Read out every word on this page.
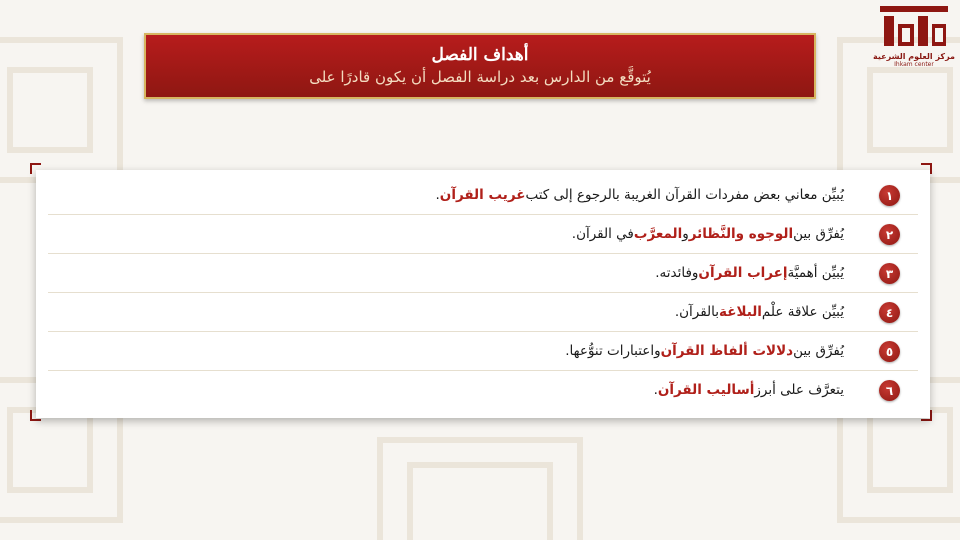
مركز العلوم الشرعية
Ihkam center
أهداف الفصل
يُتوقَّع من الدارس بعد دراسة الفصل أن يكون قادرًا على
١
يُبيِّن معاني بعض مفردات القرآن الغريبة بالرجوع إلى كتب
غريب القرآن
.
٢
يُفرِّق بين
الوجوه والنَّظائر
و
المعرَّب
في القرآن.
٣
يُبيِّن أهميَّة
إعراب القرآن
وفائدته.
٤
يُبيِّن علاقة علْم
البلاغة
بالقرآن.
٥
يُفرِّق بين
دلالات ألفاظ القرآن
واعتبارات تنوُّعها.
٦
يتعرَّف على أبرز
أساليب القرآن
.
